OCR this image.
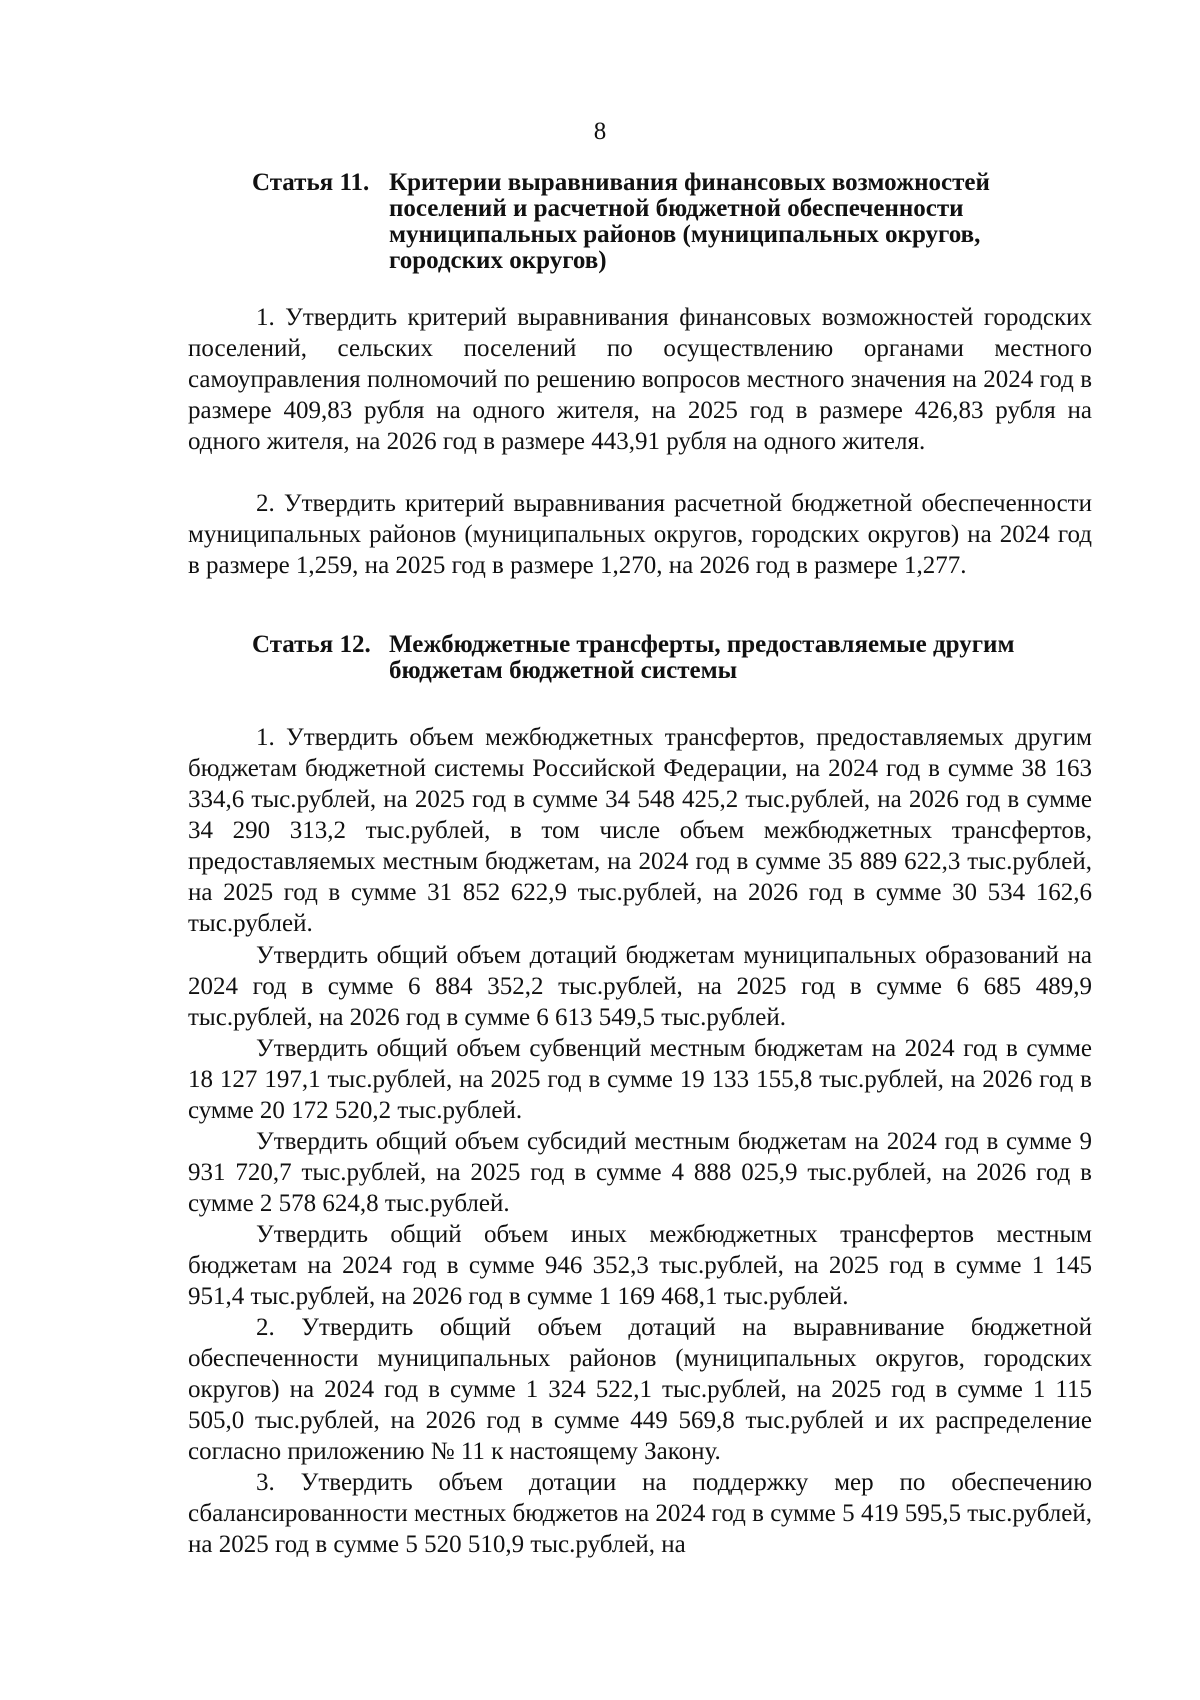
8
Статья 11. Критерии выравнивания финансовых возможностей поселений и расчетной бюджетной обеспеченности муниципальных районов (муниципальных округов, городских округов)

1. Утвердить критерий выравнивания финансовых возможностей городских поселений, сельских поселений по осуществлению органами местного самоуправления полномочий по решению вопросов местного значения на 2024 год в размере 409,83 рубля на одного жителя, на 2025 год в размере 426,83 рубля на одного жителя, на 2026 год в размере 443,91 рубля на одного жителя.

2. Утвердить критерий выравнивания расчетной бюджетной обеспеченности муниципальных районов (муниципальных округов, городских округов) на 2024 год в размере 1,259, на 2025 год в размере 1,270, на 2026 год в размере 1,277.

Статья 12. Межбюджетные трансферты, предоставляемые другим бюджетам бюджетной системы

1. Утвердить объем межбюджетных трансфертов, предоставляемых другим бюджетам бюджетной системы Российской Федерации, на 2024 год в сумме 38 163 334,6 тыс.рублей, на 2025 год в сумме 34 548 425,2 тыс.рублей, на 2026 год в сумме 34 290 313,2 тыс.рублей, в том числе объем межбюджетных трансфертов, предоставляемых местным бюджетам, на 2024 год в сумме 35 889 622,3 тыс.рублей, на 2025 год в сумме 31 852 622,9 тыс.рублей, на 2026 год в сумме 30 534 162,6 тыс.рублей.

Утвердить общий объем дотаций бюджетам муниципальных образований на 2024 год в сумме 6 884 352,2 тыс.рублей, на 2025 год в сумме 6 685 489,9 тыс.рублей, на 2026 год в сумме 6 613 549,5 тыс.рублей.

Утвердить общий объем субвенций местным бюджетам на 2024 год в сумме 18 127 197,1 тыс.рублей, на 2025 год в сумме 19 133 155,8 тыс.рублей, на 2026 год в сумме 20 172 520,2 тыс.рублей.

Утвердить общий объем субсидий местным бюджетам на 2024 год в сумме 9 931 720,7 тыс.рублей, на 2025 год в сумме 4 888 025,9 тыс.рублей, на 2026 год в сумме 2 578 624,8 тыс.рублей.

Утвердить общий объем иных межбюджетных трансфертов местным бюджетам на 2024 год в сумме 946 352,3 тыс.рублей, на 2025 год в сумме 1 145 951,4 тыс.рублей, на 2026 год в сумме 1 169 468,1 тыс.рублей.

2. Утвердить общий объем дотаций на выравнивание бюджетной обеспеченности муниципальных районов (муниципальных округов, городских округов) на 2024 год в сумме 1 324 522,1 тыс.рублей, на 2025 год в сумме 1 115 505,0 тыс.рублей, на 2026 год в сумме 449 569,8 тыс.рублей и их распределение согласно приложению № 11 к настоящему Закону.

3. Утвердить объем дотации на поддержку мер по обеспечению сбалансированности местных бюджетов на 2024 год в сумме 5 419 595,5 тыс.рублей, на 2025 год в сумме 5 520 510,9 тыс.рублей, на
